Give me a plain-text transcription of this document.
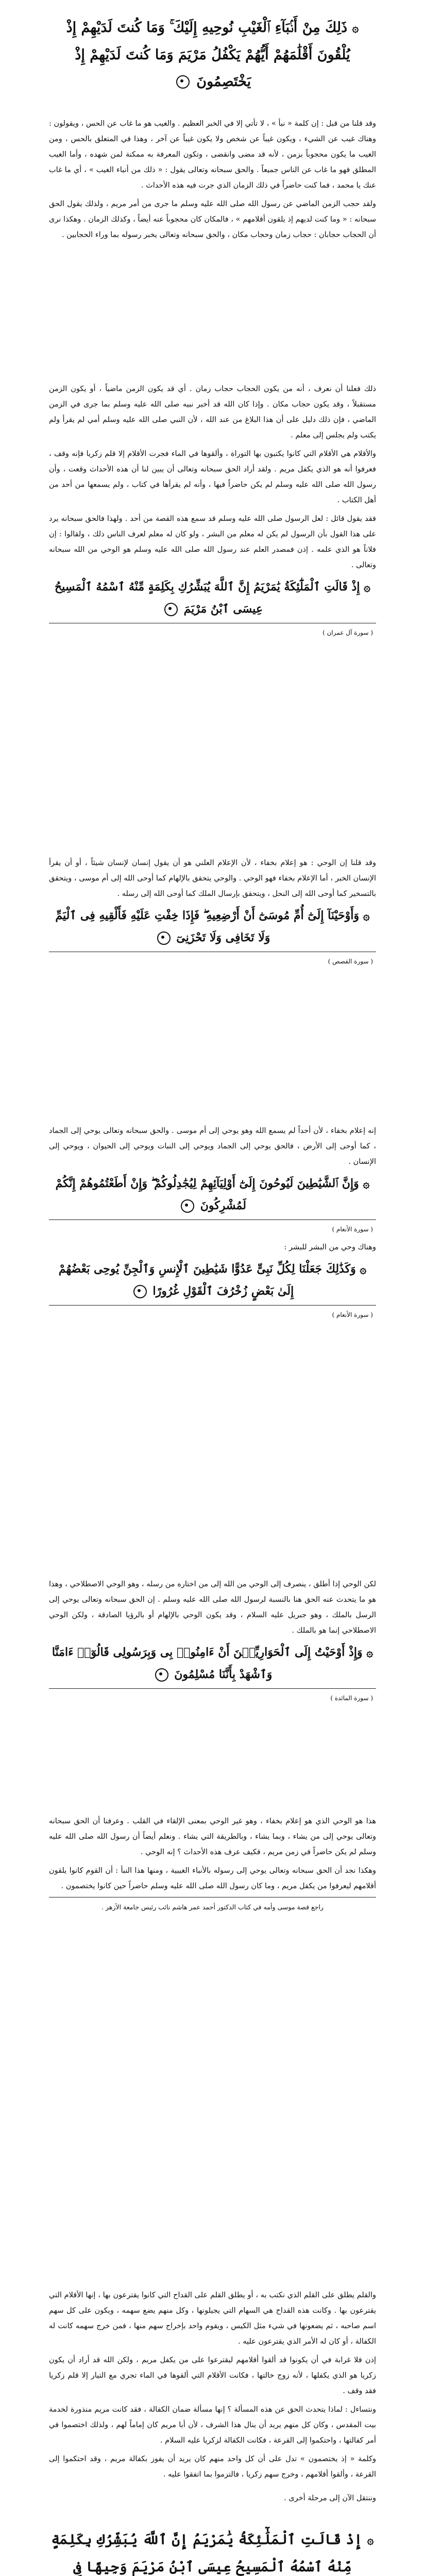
۞ ذَلِكَ مِنْ أَنۢبَآءِ ٱلْغَيْبِ نُوحِيهِ إِلَيْكَ ۚ وَمَا كُنتَ لَدَيْهِمْ إِذْ يُلْقُونَ أَقْلَٰمَهُمْ أَيُّهُمْ يَكْفُلُ مَرْيَمَ وَمَا كُنتَ لَدَيْهِمْ إِذْ يَخْتَصِمُونَ

وقد قلنا من قبل : إن كلمة « نبأ » ، لا تأتي إلا في الخبر العظيم . والغيب هو ما غاب عن الحس ، ويقولون : وهناك غيب عن الشيء ، ويكون غيباً عن شخص ولا يكون غيباً عن آخر ، وهذا في المتعلق بالحس ، ومن الغيب ما يكون محجوباً بزمن ، لأنه قد مضى وانقضى ، وتكون المعرفة به ممكنة لمن شهده ، وأما الغيب المطلق فهو ما غاب عن الناس جميعاً . والحق سبحانه وتعالى يقول : « ذلك من أنباء الغيب » ، أي ما غاب عنك يا محمد ، فما كنت حاضراً في ذلك الزمان الذي جرت فيه هذه الأحداث .

ولقد حجب الزمن الماضي عن رسول الله صلى الله عليه وسلم ما جرى من أمر مريم ، ولذلك يقول الحق سبحانه : « وما كنت لديهم إذ يلقون أقلامهم » ، فالمكان كان محجوباً عنه أيضاً ، وكذلك الزمان . وهكذا نرى أن الحجاب حجابان : حجاب زمان وحجاب مكان ، والحق سبحانه وتعالى يخبر رسوله بما وراء الحجابين .

ذلك فعلنا أن نعرف ، أنه من يكون الحجاب حجاب زمان . أي قد يكون الزمن ماضياً ، أو يكون الزمن مستقبلاً ، وقد يكون حجاب مكان . وإذا كان الله قد أخبر نبيه صلى الله عليه وسلم بما جرى في الزمن الماضي ، فإن ذلك دليل على أن هذا البلاغ من عند الله ، لأن النبي صلى الله عليه وسلم أمي لم يقرأ ولم يكتب ولم يجلس إلى معلم .

والأقلام هي الأقلام التي كانوا يكتبون بها التوراة ، وألقوها في الماء فجرت الأقلام إلا قلم زكريا فإنه وقف ، فعرفوا أنه هو الذي يكفل مريم . ولقد أراد الحق سبحانه وتعالى أن يبين لنا أن هذه الأحداث وقعت ، وأن رسول الله صلى الله عليه وسلم لم يكن حاضراً فيها ، وأنه لم يقرأها في كتاب ، ولم يسمعها من أحد من أهل الكتاب .

فقد يقول قائل : لعل الرسول صلى الله عليه وسلم قد سمع هذه القصة من أحد . ولهذا فالحق سبحانه يرد على هذا القول بأن الرسول لم يكن له معلم من البشر ، ولو كان له معلم لعرف الناس ذلك ، ولقالوا : إن فلاناً هو الذي علمه . إذن فمصدر العلم عند رسول الله صلى الله عليه وسلم هو الوحي من الله سبحانه وتعالى .

۞ إِذْ قَالَتِ ٱلْمَلَٰٓئِكَةُ يَٰمَرْيَمُ إِنَّ ٱللَّهَ يُبَشِّرُكِ بِكَلِمَةٍ مِّنْهُ ٱسْمُهُ ٱلْمَسِيحُ عِيسَى ٱبْنُ مَرْيَمَ
( سورة آل عمران )

وقد قلنا إن الوحي : هو إعلام بخفاء ، لأن الإعلام العلني هو أن يقول إنسان لإنسان شيئاً ، أو أن يقرأ الإنسان الخبر ، أما الإعلام بخفاء فهو الوحي . والوحي يتحقق بالإلهام كما أوحى الله إلى أم موسى ، ويتحقق بالتسخير كما أوحى الله إلى النحل ، ويتحقق بإرسال الملك كما أوحى الله إلى رسله .

۞ وَأَوْحَيْنَآ إِلَىٰٓ أُمِّ مُوسَىٰٓ أَنْ أَرْضِعِيهِ ۖ فَإِذَا خِفْتِ عَلَيْهِ فَأَلْقِيهِ فِى ٱلْيَمِّ وَلَا تَخَافِى وَلَا تَحْزَنِىٓ
( سورة القصص )

إنه إعلام بخفاء ، لأن أحداً لم يسمع الله وهو يوحي إلى أم موسى . والحق سبحانه وتعالى يوحي إلى الجماد ، كما أوحى إلى الأرض ، فالحق يوحي إلى الجماد ويوحي إلى النبات ويوحي إلى الحيوان ، ويوحي إلى الإنسان .

۞ وَإِنَّ ٱلشَّيَٰطِينَ لَيُوحُونَ إِلَىٰٓ أَوْلِيَآئِهِمْ لِيُجَٰدِلُوكُمْ ۖ وَإِنْ أَطَعْتُمُوهُمْ إِنَّكُمْ لَمُشْرِكُونَ
( سورة الأنعام )

وهناك وحي من البشر للبشر :

۞ وَكَذَٰلِكَ جَعَلْنَا لِكُلِّ نَبِىٍّ عَدُوًّا شَيَٰطِينَ ٱلْإِنسِ وَٱلْجِنِّ يُوحِى بَعْضُهُمْ إِلَىٰ بَعْضٍ زُخْرُفَ ٱلْقَوْلِ غُرُورًا
( سورة الأنعام )

لكن الوحي إذا أطلق ، ينصرف إلى الوحي من الله إلى من اختاره من رسله ، وهو الوحي الاصطلاحي ، وهذا هو ما يتحدث عنه الحق هنا بالنسبة لرسول الله صلى الله عليه وسلم . إن الحق سبحانه وتعالى يوحي إلى الرسل بالملك ، وهو جبريل عليه السلام ، وقد يكون الوحي بالإلهام أو بالرؤيا الصادقة ، ولكن الوحي الاصطلاحي إنما هو بالملك .

۞ وَإِذْ أَوْحَيْتُ إِلَى ٱلْحَوَارِيِّـۧنَ أَنْ ءَامِنُوا۟ بِى وَبِرَسُولِى قَالُوٓا۟ ءَامَنَّا وَٱشْهَدْ بِأَنَّنَا مُسْلِمُونَ
( سورة المائدة )

هذا هو الوحي الذي هو إعلام بخفاء ، وهو غير الوحي بمعنى الإلقاء في القلب . وعرفنا أن الحق سبحانه وتعالى يوحي إلى من يشاء ، وبما يشاء ، وبالطريقة التي يشاء . ونعلم أيضاً أن رسول الله صلى الله عليه وسلم لم يكن حاضراً في زمن مريم ، فكيف عرف هذه الأحداث ؟ إنه الوحي .

وهكذا نجد أن الحق سبحانه وتعالى يوحي إلى رسوله بالأنباء الغيبية ، ومنها هذا النبأ : أن القوم كانوا يلقون أقلامهم ليعرفوا من يكفل مريم ، وما كان رسول الله صلى الله عليه وسلم حاضراً حين كانوا يختصمون .

راجع قصة موسى وأمه في كتاب الدكتور أحمد عمر هاشم نائب رئيس جامعة الأزهر .

والقلم يطلق على القلم الذي نكتب به ، أو يطلق القلم على القداح التي كانوا يقترعون بها ، إنها الأقلام التي يقترعون بها . وكانت هذه القداح هي السهام التي يجيلونها ، وكل منهم يضع سهمه ، ويكون على كل سهم اسم صاحبه ، ثم يضعونها في شيء مثل الكيس ، ويقوم واحد بإخراج سهم منها ، فمن خرج سهمه كانت له الكفالة ، أو كان له الأمر الذي يقترعون عليه .

إذن فلا غرابة في أن يكونوا قد ألقوا أقلامهم ليقترعوا على من يكفل مريم ، ولكن الله قد أراد أن يكون زكريا هو الذي يكفلها ، لأنه زوج خالتها ، فكانت الأقلام التي ألقوها في الماء تجري مع التيار إلا قلم زكريا فقد وقف .

ونتساءل : لماذا يتحدث الحق عن هذه المسألة ؟ إنها مسألة ضمان الكفالة ، فقد كانت مريم منذورة لخدمة بيت المقدس ، وكان كل منهم يريد أن ينال هذا الشرف ، لأن أبا مريم كان إماماً لهم ، ولذلك اختصموا في أمر كفالتها ، واحتكموا إلى القرعة ، فكانت الكفالة لزكريا عليه السلام .

وكلمة « إذ يختصمون » تدل على أن كل واحد منهم كان يريد أن يفوز بكفالة مريم ، وقد احتكموا إلى القرعة ، وألقوا أقلامهم ، وخرج سهم زكريا ، فالتزموا بما اتفقوا عليه .

وننتقل الآن إلى مرحلة أخرى .

۞ إِذْ قَالَتِ ٱلْمَلَٰٓئِكَةُ يَٰمَرْيَمُ إِنَّ ٱللَّهَ يُبَشِّرُكِ بِكَلِمَةٍ مِّنْهُ ٱسْمُهُ ٱلْمَسِيحُ عِيسَى ٱبْنُ مَرْيَمَ وَجِيهًا فِى
